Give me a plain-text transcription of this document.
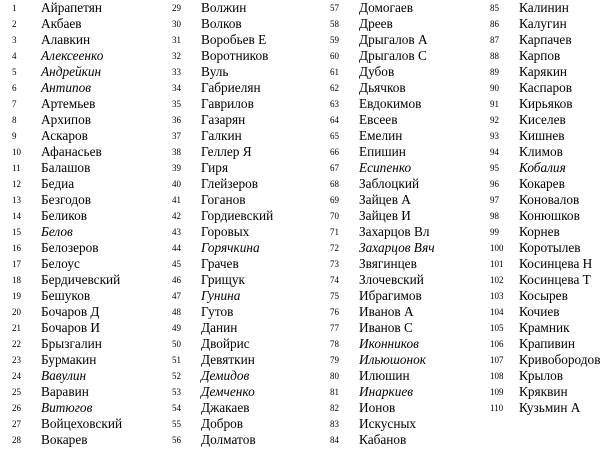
1	Айрапетян
2	Акбаев
3	Алавкин
4	Алексеенко
5	Андрейкин
6	Антипов
7	Артемьев
8	Архипов
9	Аскаров
10	Афанасьев
11	Балашов
12	Бедиа
13	Безгодов
14	Беликов
15	Белов
16	Белозеров
17	Белоус
18	Бердичевский
19	Бешуков
20	Бочаров Д
21	Бочаров И
22	Брызгалин
23	Бурмакин
24	Вавулин
25	Варавин
26	Витюгов
27	Войцеховский
28	Вокарев
29	Волжин
30	Волков
31	Воробьев Е
32	Воротников
33	Вуль
34	Габриелян
35	Гаврилов
36	Газарян
37	Галкин
38	Геллер Я
39	Гиря
40	Глейзеров
41	Гоганов
42	Гордиевский
43	Горовых
44	Горячкина
45	Грачев
46	Грищук
47	Гунина
48	Гутов
49	Данин
50	Двойрис
51	Девяткин
52	Демидов
53	Демченко
54	Джакаев
55	Добров
56	Долматов
57	Домогаев
58	Дреев
59	Дрыгалов А
60	Дрыгалов С
61	Дубов
62	Дьячков
63	Евдокимов
64	Евсеев
65	Емелин
66	Епишин
67	Есипенко
68	Заблоцкий
69	Зайцев А
70	Зайцев И
71	Захарцов Вл
72	Захарцов Вяч
73	Звягинцев
74	Злочевский
75	Ибрагимов
76	Иванов А
77	Иванов С
78	Иконников
79	Ильюшонок
80	Илюшин
81	Инаркиев
82	Ионов
83	Искусных
84	Кабанов
85	Калинин
86	Калугин
87	Карпачев
88	Карпов
89	Карякин
90	Каспаров
91	Кирьяков
92	Киселев
93	Кишнев
94	Климов
95	Кобалия
96	Кокарев
97	Коновалов
98	Конюшков
99	Корнев
100	Коротылев
101	Косинцева Н
102	Косинцева Т
103	Косырев
104	Кочиев
105	Крамник
106	Крапивин
107	Кривобородов
108	Крылов
109	Кряквин
110	Кузьмин А
